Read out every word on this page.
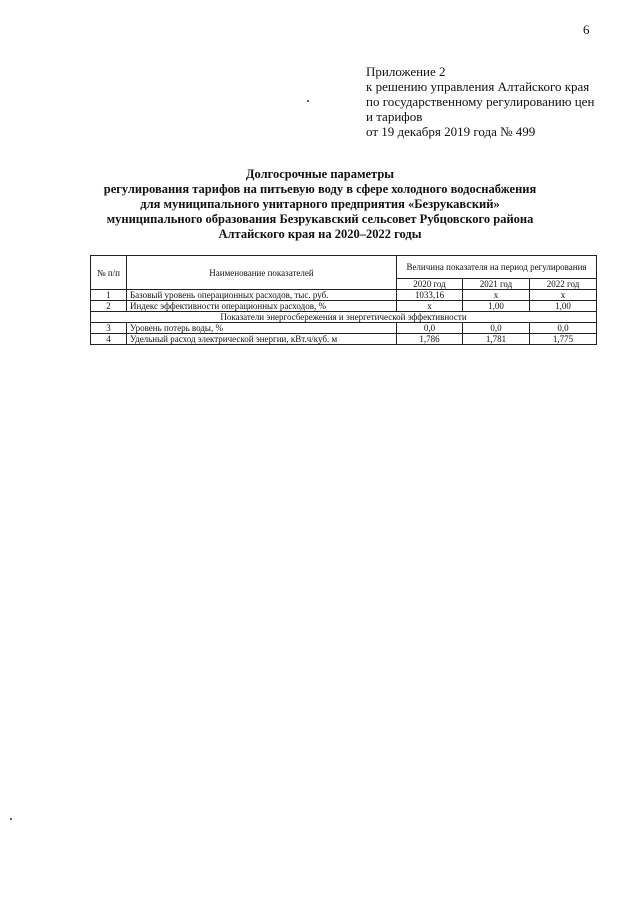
6
Приложение 2
к решению управления Алтайского края
по государственному регулированию цен
и тарифов
от 19 декабря 2019 года № 499
Долгосрочные параметры
регулирования тарифов на питьевую воду в сфере холодного водоснабжения
для муниципального унитарного предприятия «Безрукавский»
муниципального образования Безрукавский сельсовет Рубцовского района
Алтайского края на 2020–2022 годы
№ п/п	Наименование показателей	Величина показателя на период регулирования		
		2020 год	2021 год	2022 год
1	Базовый уровень операционных расходов, тыс. руб.	1033,16	х	х
2	Индекс эффективности операционных расходов, %	х	1,00	1,00
Показатели энергосбережения и энергетической эффективности				
3	Уровень потерь воды, %	0,0	0,0	0,0
4	Удельный расход электрической энергии, кВт.ч/куб. м	1,786	1,781	1,775
